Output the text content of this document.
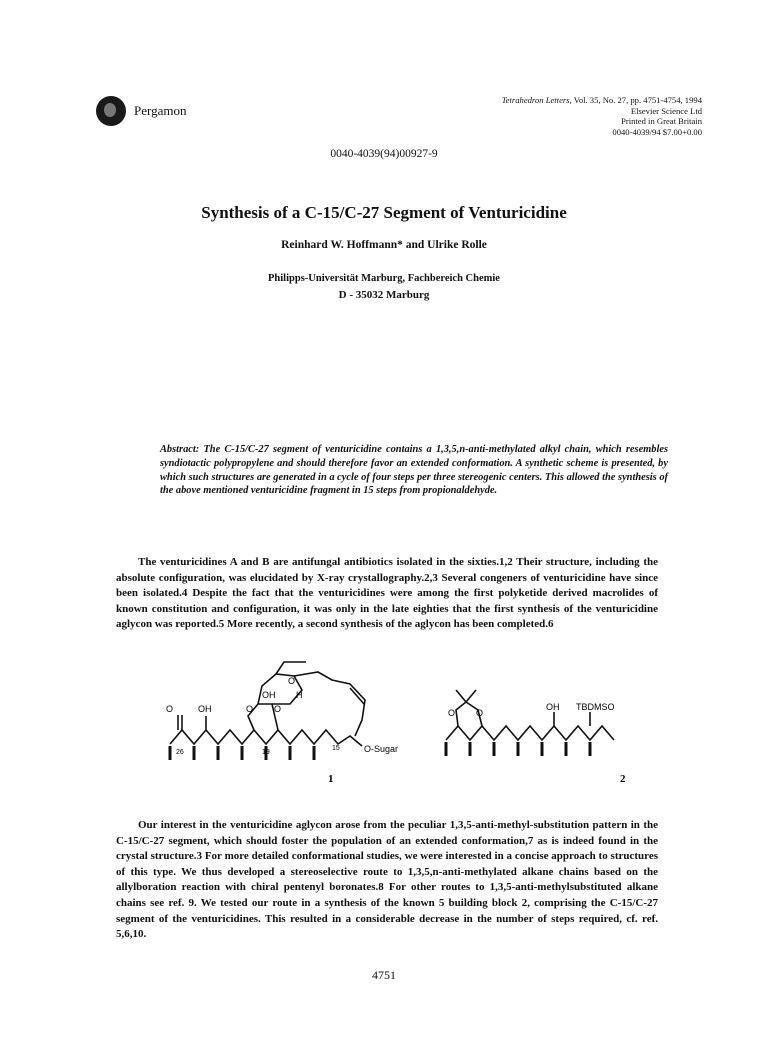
Pergamon
Tetrahedron Letters, Vol. 35, No. 27, pp. 4751-4754, 1994
Elsevier Science Ltd
Printed in Great Britain
0040-4039/94 $7.00+0.00
0040-4039(94)00927-9
Synthesis of a C-15/C-27 Segment of Venturicidine
Reinhard W. Hoffmann* and Ulrike Rolle
Philipps-Universität Marburg, Fachbereich Chemie
D - 35032 Marburg
Abstract: The C-15/C-27 segment of venturicidine contains a 1,3,5,n-anti-methylated alkyl chain, which resembles syndiotactic polypropylene and should therefore favor an extended conformation. A synthetic scheme is presented, by which such structures are generated in a cycle of four steps per three stereogenic centers. This allowed the synthesis of the above mentioned venturicidine fragment in 15 steps from propionaldehyde.
The venturicidines A and B are antifungal antibiotics isolated in the sixties.1,2 Their structure, including the absolute configuration, was elucidated by X-ray crystallography.2,3 Several congeners of venturicidine have since been isolated.4 Despite the fact that the venturicidines were among the first polyketide derived macrolides of known constitution and configuration, it was only in the late eighties that the first synthesis of the venturicidine aglycon was reported.5 More recently, a second synthesis of the aglycon has been completed.6
O	OH	O O
OH
O
H
26	19
15	O-Sugar
1
O O
OH TBDMSO
2
Our interest in the venturicidine aglycon arose from the peculiar 1,3,5-anti-methyl-substitution pattern in the C-15/C-27 segment, which should foster the population of an extended conformation,7 as is indeed found in the crystal structure.3 For more detailed conformational studies, we were interested in a concise approach to structures of this type. We thus developed a stereoselective route to 1,3,5,n-anti-methylated alkane chains based on the allylboration reaction with chiral pentenyl boronates.8 For other routes to 1,3,5-anti-methylsubstituted alkane chains see ref. 9. We tested our route in a synthesis of the known 5 building block 2, comprising the C-15/C-27 segment of the venturicidines. This resulted in a considerable decrease in the number of steps required, cf. ref. 5,6,10.
4751
